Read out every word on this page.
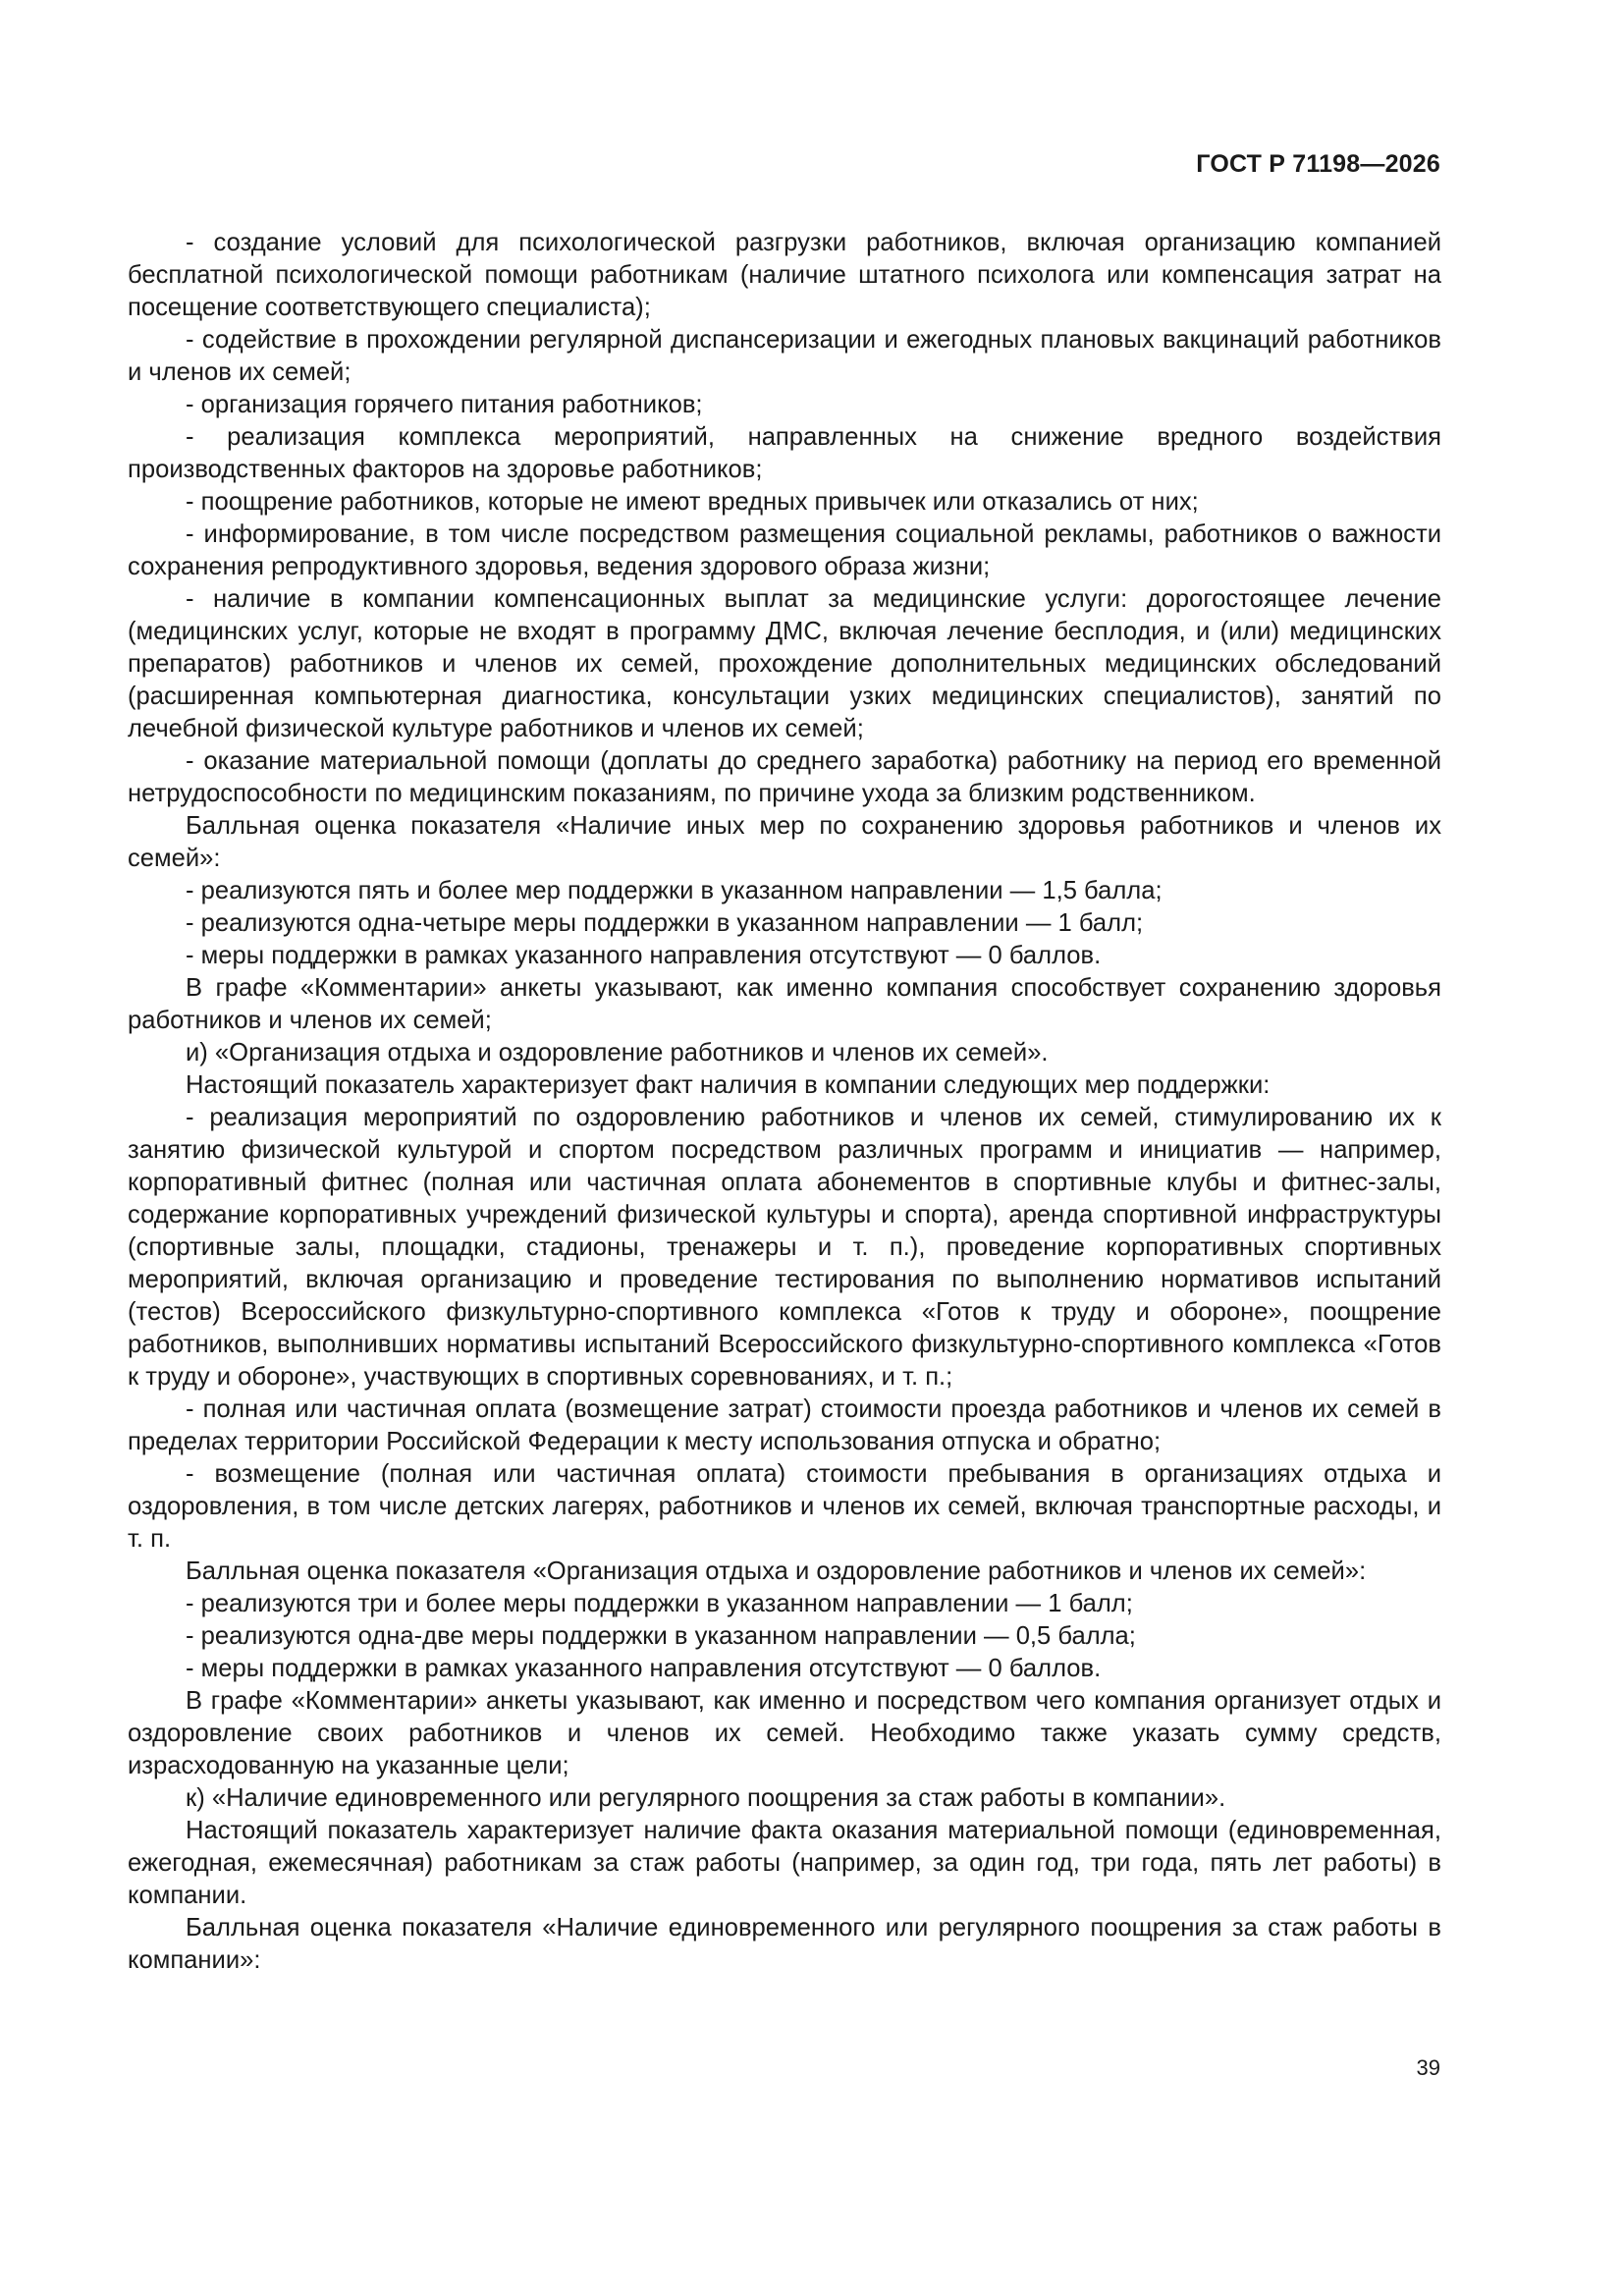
ГОСТ Р 71198—2026

- создание условий для психологической разгрузки работников, включая организацию компанией бесплатной психологической помощи работникам (наличие штатного психолога или компенсация затрат на посещение соответствующего специалиста);

- содействие в прохождении регулярной диспансеризации и ежегодных плановых вакцинаций работников и членов их семей;

- организация горячего питания работников;

- реализация комплекса мероприятий, направленных на снижение вредного воздействия производственных факторов на здоровье работников;

- поощрение работников, которые не имеют вредных привычек или отказались от них;

- информирование, в том числе посредством размещения социальной рекламы, работников о важности сохранения репродуктивного здоровья, ведения здорового образа жизни;

- наличие в компании компенсационных выплат за медицинские услуги: дорогостоящее лечение (медицинских услуг, которые не входят в программу ДМС, включая лечение бесплодия, и (или) медицинских препаратов) работников и членов их семей, прохождение дополнительных медицинских обследований (расширенная компьютерная диагностика, консультации узких медицинских специалистов), занятий по лечебной физической культуре работников и членов их семей;

- оказание материальной помощи (доплаты до среднего заработка) работнику на период его временной нетрудоспособности по медицинским показаниям, по причине ухода за близким родственником.

Балльная оценка показателя «Наличие иных мер по сохранению здоровья работников и членов их семей»:

- реализуются пять и более мер поддержки в указанном направлении — 1,5 балла;

- реализуются одна-четыре меры поддержки в указанном направлении — 1 балл;

- меры поддержки в рамках указанного направления отсутствуют — 0 баллов.

В графе «Комментарии» анкеты указывают, как именно компания способствует сохранению здоровья работников и членов их семей;

и) «Организация отдыха и оздоровление работников и членов их семей».

Настоящий показатель характеризует факт наличия в компании следующих мер поддержки:

- реализация мероприятий по оздоровлению работников и членов их семей, стимулированию их к занятию физической культурой и спортом посредством различных программ и инициатив — например, корпоративный фитнес (полная или частичная оплата абонементов в спортивные клубы и фитнес-залы, содержание корпоративных учреждений физической культуры и спорта), аренда спортивной инфраструктуры (спортивные залы, площадки, стадионы, тренажеры и т. п.), проведение корпоративных спортивных мероприятий, включая организацию и проведение тестирования по выполнению нормативов испытаний (тестов) Всероссийского физкультурно-спортивного комплекса «Готов к труду и обороне», поощрение работников, выполнивших нормативы испытаний Всероссийского физкультурно-спортивного комплекса «Готов к труду и обороне», участвующих в спортивных соревнованиях, и т. п.;

- полная или частичная оплата (возмещение затрат) стоимости проезда работников и членов их семей в пределах территории Российской Федерации к месту использования отпуска и обратно;

- возмещение (полная или частичная оплата) стоимости пребывания в организациях отдыха и оздоровления, в том числе детских лагерях, работников и членов их семей, включая транспортные расходы, и т. п.

Балльная оценка показателя «Организация отдыха и оздоровление работников и членов их семей»:

- реализуются три и более меры поддержки в указанном направлении — 1 балл;

- реализуются одна-две меры поддержки в указанном направлении — 0,5 балла;

- меры поддержки в рамках указанного направления отсутствуют — 0 баллов.

В графе «Комментарии» анкеты указывают, как именно и посредством чего компания организует отдых и оздоровление своих работников и членов их семей. Необходимо также указать сумму средств, израсходованную на указанные цели;

к) «Наличие единовременного или регулярного поощрения за стаж работы в компании».

Настоящий показатель характеризует наличие факта оказания материальной помощи (единовременная, ежегодная, ежемесячная) работникам за стаж работы (например, за один год, три года, пять лет работы) в компании.

Балльная оценка показателя «Наличие единовременного или регулярного поощрения за стаж работы в компании»:

39
